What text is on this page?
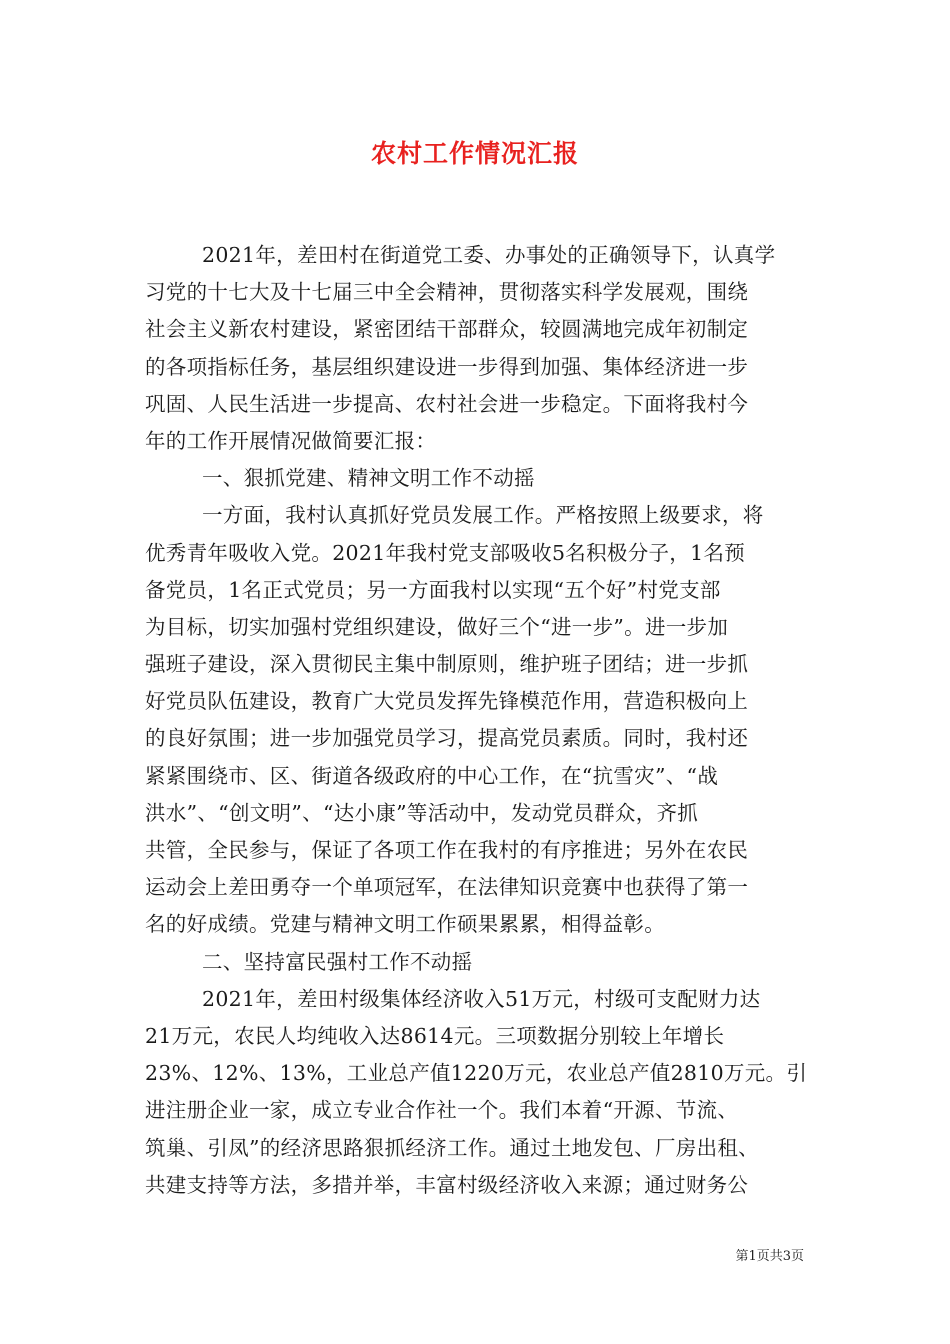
农村工作情况汇报
2021年，差田村在街道党工委、办事处的正确领导下，认真学
习党的十七大及十七届三中全会精神，贯彻落实科学发展观，围绕
社会主义新农村建设，紧密团结干部群众，较圆满地完成年初制定
的各项指标任务，基层组织建设进一步得到加强、集体经济进一步
巩固、人民生活进一步提高、农村社会进一步稳定。下面将我村今
年的工作开展情况做简要汇报：
一、狠抓党建、精神文明工作不动摇
一方面，我村认真抓好党员发展工作。严格按照上级要求，将
优秀青年吸收入党。2021年我村党支部吸收5名积极分子，1名预
备党员，1名正式党员；另一方面我村以实现“五个好”村党支部
为目标，切实加强村党组织建设，做好三个“进一步”。进一步加
强班子建设，深入贯彻民主集中制原则，维护班子团结；进一步抓
好党员队伍建设，教育广大党员发挥先锋模范作用，营造积极向上
的良好氛围；进一步加强党员学习，提高党员素质。同时，我村还
紧紧围绕市、区、街道各级政府的中心工作，在“抗雪灾”、“战
洪水”、“创文明”、“达小康”等活动中，发动党员群众，齐抓
共管，全民参与，保证了各项工作在我村的有序推进；另外在农民
运动会上差田勇夺一个单项冠军，在法律知识竞赛中也获得了第一
名的好成绩。党建与精神文明工作硕果累累，相得益彰。
二、坚持富民强村工作不动摇
2021年，差田村级集体经济收入51万元，村级可支配财力达
21万元，农民人均纯收入达8614元。三项数据分别较上年增长
23%、12%、13%，工业总产值1220万元，农业总产值2810万元。引
进注册企业一家，成立专业合作社一个。我们本着“开源、节流、
筑巢、引凤”的经济思路狠抓经济工作。通过土地发包、厂房出租、
共建支持等方法，多措并举，丰富村级经济收入来源；通过财务公
第1页共3页
